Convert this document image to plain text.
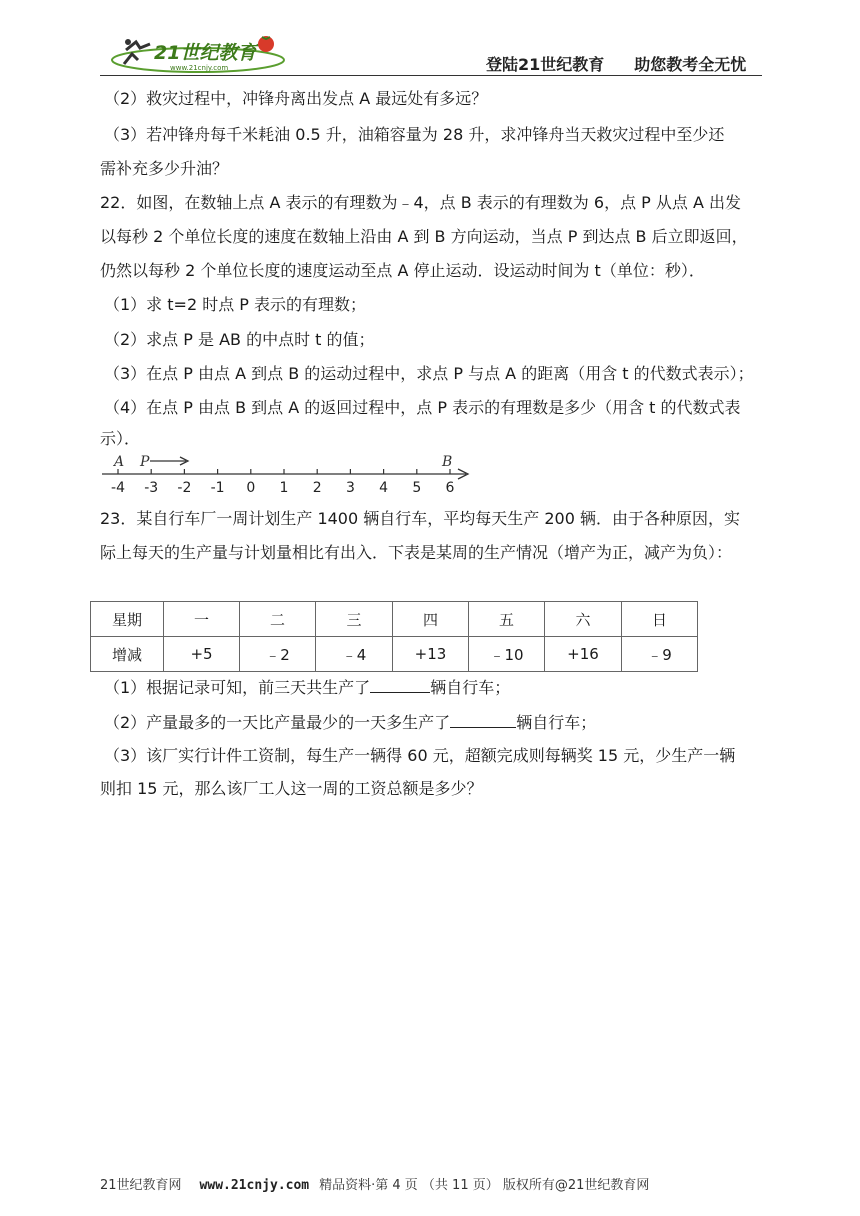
21世纪教育
www.21cnjy.com	登陆21世纪教育 助您教考全无忧
（2）救灾过程中，冲锋舟离出发点 A 最远处有多远？
（3）若冲锋舟每千米耗油 0.5 升，油箱容量为 28 升，求冲锋舟当天救灾过程中至少还
需补充多少升油？
22．如图，在数轴上点 A 表示的有理数为﹣4，点 B 表示的有理数为 6，点 P 从点 A 出发
以每秒 2 个单位长度的速度在数轴上沿由 A 到 B 方向运动，当点 P 到达点 B 后立即返回，
仍然以每秒 2 个单位长度的速度运动至点 A 停止运动．设运动时间为 t（单位：秒）．
（1）求 t=2 时点 P 表示的有理数；
（2）求点 P 是 AB 的中点时 t 的值；
（3）在点 P 由点 A 到点 B 的运动过程中，求点 P 与点 A 的距离（用含 t 的代数式表示）；
（4）在点 P 由点 B 到点 A 的返回过程中，点 P 表示的有理数是多少（用含 t 的代数式表
示）．
-4 -3 -2 -1 0 1 2 3 4 5 6
A P	B
23．某自行车厂一周计划生产 1400 辆自行车，平均每天生产 200 辆．由于各种原因，实
际上每天的生产量与计划量相比有出入．下表是某周的生产情况（增产为正，减产为负）：
星期	一	二	三	四	五	六	日
增减	+5	﹣2	﹣4	+13	﹣10	+16	﹣9
（1）根据记录可知，前三天共生产了	辆自行车；
（2）产量最多的一天比产量最少的一天多生产了	辆自行车；
（3）该厂实行计件工资制，每生产一辆得 60 元，超额完成则每辆奖 15 元，少生产一辆
则扣 15 元，那么该厂工人这一周的工资总额是多少？
21世纪教育网 www.21cnjy.com 精品资料·第 4 页 （共 11 页） 版权所有@21世纪教育网
